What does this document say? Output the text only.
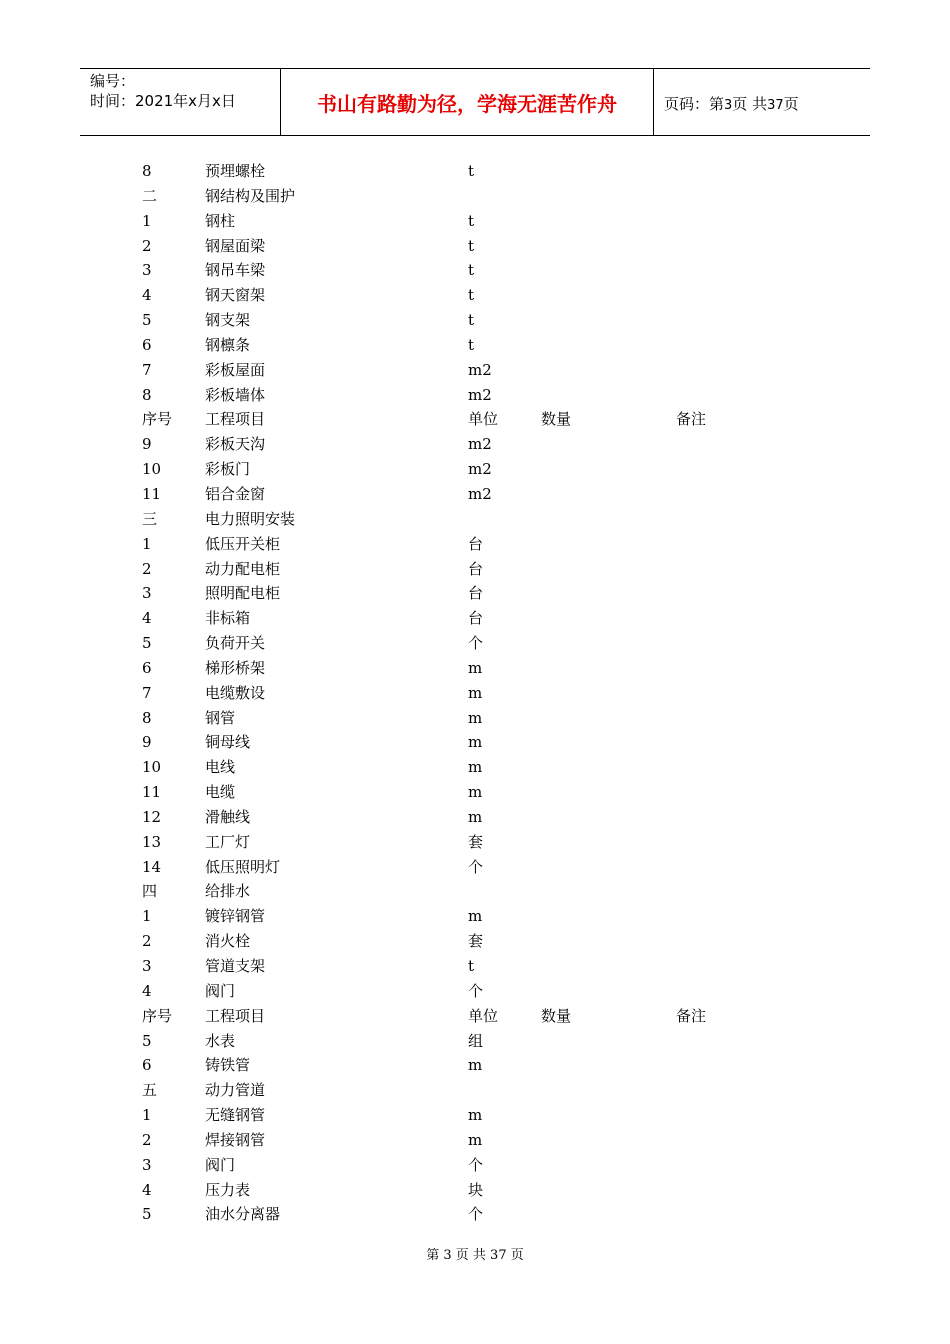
编号：
时间：2021年x月x日	书山有路勤为径，学海无涯苦作舟	页码：第3页 共37页
8	预埋螺栓	t
二	钢结构及围护
1	钢柱	t
2	钢屋面梁	t
3	钢吊车梁	t
4	钢天窗架	t
5	钢支架	t
6	钢檩条	t
7	彩板屋面	m2
8	彩板墙体	m2
序号 工程项目	单位	数量	备注
9	彩板天沟	m2
10	彩板门	m2
11	铝合金窗	m2
三	电力照明安装
1	低压开关柜	台
2	动力配电柜	台
3	照明配电柜	台
4	非标箱	台
5	负荷开关	个
6	梯形桥架	m
7	电缆敷设	m
8	钢管	m
9	铜母线	m
10	电线	m
11	电缆	m
12	滑触线	m
13	工厂灯	套
14	低压照明灯	个
四	给排水
1	镀锌钢管	m
2	消火栓	套
3	管道支架	t
4	阀门	个
序号 工程项目	单位	数量	备注
5	水表	组
6	铸铁管	m
五	动力管道
1	无缝钢管	m
2	焊接钢管	m
3	阀门	个
4	压力表	块
5	油水分离器	个
第 3 页 共 37 页
